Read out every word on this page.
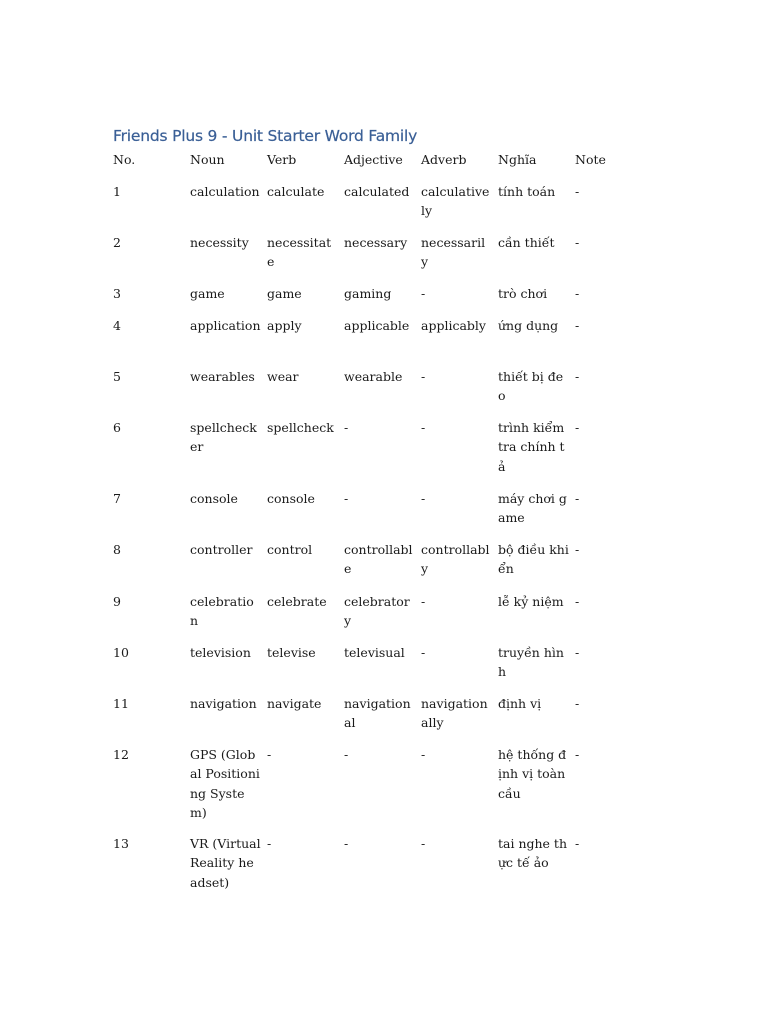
Friends Plus 9 - Unit Starter Word Family
No.	Noun	Verb	Adjective	Adverb	Nghĩa	Note

1	calculation	calculate	calculated	calculatively	tính toán	-

2	necessity	necessitate	necessary	necessarily	cần thiết	-

3	game	game	gaming	-	trò chơi	-

4	application	apply	applicable	applicably	ứng dụng	-

5	wearables	wear	wearable	-	thiết bị đeo	-

6	spellchecker	spellcheck	-	-	trình kiểm tra chính tả	-

7	console	console	-	-	máy chơi game	-

8	controller	control	controllable	controllably	bộ điều khiển	-

9	celebration	celebrate	celebratory	-	lễ kỷ niệm	-

10	television	televise	televisual	-	truyền hình	-

11	navigation	navigate	navigational	navigationally	định vị	-

12	GPS (Global Positioning System)	-	-	-	hệ thống định vị toàn cầu	-

13	VR (Virtual Reality headset)	-	-	-	tai nghe thực tế ảo	-
